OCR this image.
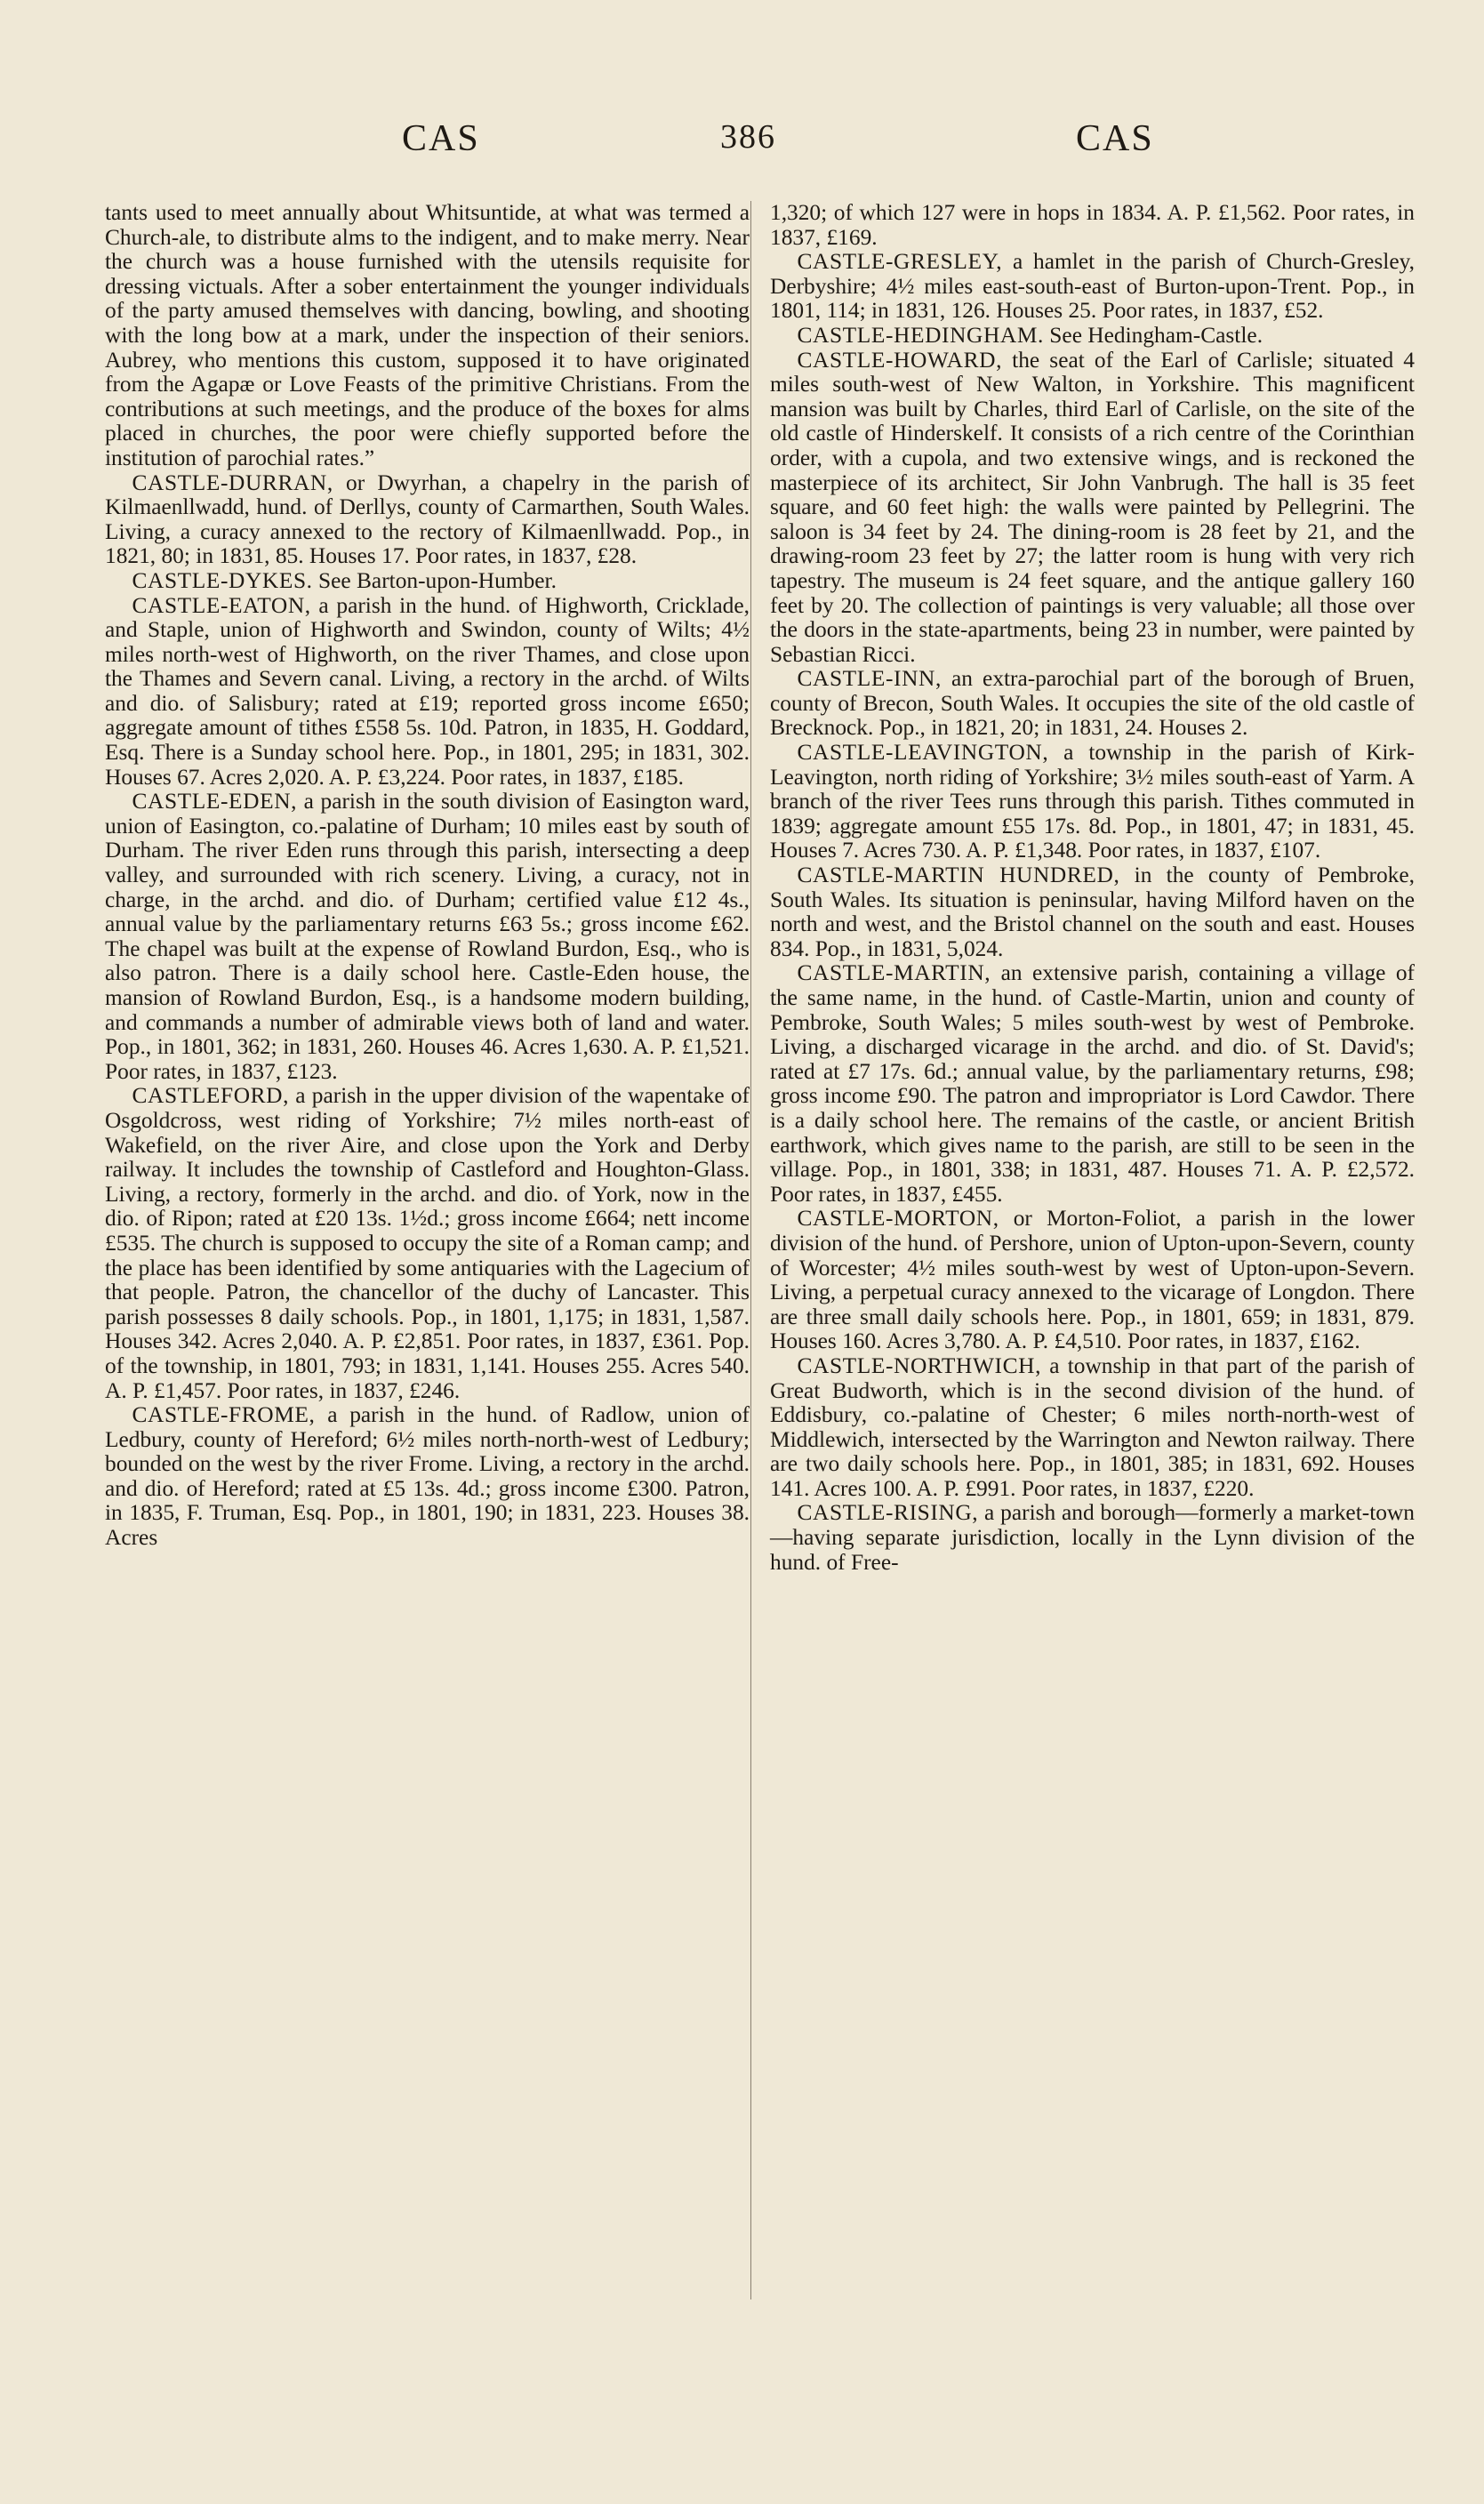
CAS	386	CAS

tants used to meet annually about Whitsuntide, at what was termed a Church-ale, to distribute alms to the indigent, and to make merry. Near the church was a house furnished with the utensils requisite for dressing victuals. After a sober entertainment the younger individuals of the party amused themselves with dancing, bowling, and shooting with the long bow at a mark, under the inspection of their seniors. Aubrey, who mentions this custom, supposed it to have originated from the Agapæ or Love Feasts of the primitive Christians. From the contributions at such meetings, and the produce of the boxes for alms placed in churches, the poor were chiefly supported before the institution of parochial rates.”

CASTLE-DURRAN, or Dwyrhan, a chapelry in the parish of Kilmaenllwadd, hund. of Derllys, county of Carmarthen, South Wales. Living, a curacy annexed to the rectory of Kilmaenllwadd. Pop., in 1821, 80; in 1831, 85. Houses 17. Poor rates, in 1837, £28.

CASTLE-DYKES. See Barton-upon-Humber.

CASTLE-EATON, a parish in the hund. of Highworth, Cricklade, and Staple, union of Highworth and Swindon, county of Wilts; 4½ miles north-west of Highworth, on the river Thames, and close upon the Thames and Severn canal. Living, a rectory in the archd. of Wilts and dio. of Salisbury; rated at £19; reported gross income £650; aggregate amount of tithes £558 5s. 10d. Patron, in 1835, H. Goddard, Esq. There is a Sunday school here. Pop., in 1801, 295; in 1831, 302. Houses 67. Acres 2,020. A. P. £3,224. Poor rates, in 1837, £185.

CASTLE-EDEN, a parish in the south division of Easington ward, union of Easington, co.-palatine of Durham; 10 miles east by south of Durham. The river Eden runs through this parish, intersecting a deep valley, and surrounded with rich scenery. Living, a curacy, not in charge, in the archd. and dio. of Durham; certified value £12 4s., annual value by the parliamentary returns £63 5s.; gross income £62. The chapel was built at the expense of Rowland Burdon, Esq., who is also patron. There is a daily school here. Castle-Eden house, the mansion of Rowland Burdon, Esq., is a handsome modern building, and commands a number of admirable views both of land and water. Pop., in 1801, 362; in 1831, 260. Houses 46. Acres 1,630. A. P. £1,521. Poor rates, in 1837, £123.

CASTLEFORD, a parish in the upper division of the wapentake of Osgoldcross, west riding of Yorkshire; 7½ miles north-east of Wakefield, on the river Aire, and close upon the York and Derby railway. It includes the township of Castleford and Houghton-Glass. Living, a rectory, formerly in the archd. and dio. of York, now in the dio. of Ripon; rated at £20 13s. 1½d.; gross income £664; nett income £535. The church is supposed to occupy the site of a Roman camp; and the place has been identified by some antiquaries with the Lagecium of that people. Patron, the chancellor of the duchy of Lancaster. This parish possesses 8 daily schools. Pop., in 1801, 1,175; in 1831, 1,587. Houses 342. Acres 2,040. A. P. £2,851. Poor rates, in 1837, £361. Pop. of the township, in 1801, 793; in 1831, 1,141. Houses 255. Acres 540. A. P. £1,457. Poor rates, in 1837, £246.

CASTLE-FROME, a parish in the hund. of Radlow, union of Ledbury, county of Hereford; 6½ miles north-north-west of Ledbury; bounded on the west by the river Frome. Living, a rectory in the archd. and dio. of Hereford; rated at £5 13s. 4d.; gross income £300. Patron, in 1835, F. Truman, Esq. Pop., in 1801, 190; in 1831, 223. Houses 38. Acres

1,320; of which 127 were in hops in 1834. A. P. £1,562. Poor rates, in 1837, £169.

CASTLE-GRESLEY, a hamlet in the parish of Church-Gresley, Derbyshire; 4½ miles east-south-east of Burton-upon-Trent. Pop., in 1801, 114; in 1831, 126. Houses 25. Poor rates, in 1837, £52.

CASTLE-HEDINGHAM. See Hedingham-Castle.

CASTLE-HOWARD, the seat of the Earl of Carlisle; situated 4 miles south-west of New Walton, in Yorkshire. This magnificent mansion was built by Charles, third Earl of Carlisle, on the site of the old castle of Hinderskelf. It consists of a rich centre of the Corinthian order, with a cupola, and two extensive wings, and is reckoned the masterpiece of its architect, Sir John Vanbrugh. The hall is 35 feet square, and 60 feet high: the walls were painted by Pellegrini. The saloon is 34 feet by 24. The dining-room is 28 feet by 21, and the drawing-room 23 feet by 27; the latter room is hung with very rich tapestry. The museum is 24 feet square, and the antique gallery 160 feet by 20. The collection of paintings is very valuable; all those over the doors in the state-apartments, being 23 in number, were painted by Sebastian Ricci.

CASTLE-INN, an extra-parochial part of the borough of Bruen, county of Brecon, South Wales. It occupies the site of the old castle of Brecknock. Pop., in 1821, 20; in 1831, 24. Houses 2.

CASTLE-LEAVINGTON, a township in the parish of Kirk-Leavington, north riding of Yorkshire; 3½ miles south-east of Yarm. A branch of the river Tees runs through this parish. Tithes commuted in 1839; aggregate amount £55 17s. 8d. Pop., in 1801, 47; in 1831, 45. Houses 7. Acres 730. A. P. £1,348. Poor rates, in 1837, £107.

CASTLE-MARTIN HUNDRED, in the county of Pembroke, South Wales. Its situation is peninsular, having Milford haven on the north and west, and the Bristol channel on the south and east. Houses 834. Pop., in 1831, 5,024.

CASTLE-MARTIN, an extensive parish, containing a village of the same name, in the hund. of Castle-Martin, union and county of Pembroke, South Wales; 5 miles south-west by west of Pembroke. Living, a discharged vicarage in the archd. and dio. of St. David's; rated at £7 17s. 6d.; annual value, by the parliamentary returns, £98; gross income £90. The patron and impropriator is Lord Cawdor. There is a daily school here. The remains of the castle, or ancient British earthwork, which gives name to the parish, are still to be seen in the village. Pop., in 1801, 338; in 1831, 487. Houses 71. A. P. £2,572. Poor rates, in 1837, £455.

CASTLE-MORTON, or Morton-Foliot, a parish in the lower division of the hund. of Pershore, union of Upton-upon-Severn, county of Worcester; 4½ miles south-west by west of Upton-upon-Severn. Living, a perpetual curacy annexed to the vicarage of Longdon. There are three small daily schools here. Pop., in 1801, 659; in 1831, 879. Houses 160. Acres 3,780. A. P. £4,510. Poor rates, in 1837, £162.

CASTLE-NORTHWICH, a township in that part of the parish of Great Budworth, which is in the second division of the hund. of Eddisbury, co.-palatine of Chester; 6 miles north-north-west of Middlewich, intersected by the Warrington and Newton railway. There are two daily schools here. Pop., in 1801, 385; in 1831, 692. Houses 141. Acres 100. A. P. £991. Poor rates, in 1837, £220.

CASTLE-RISING, a parish and borough—formerly a market-town—having separate jurisdiction, locally in the Lynn division of the hund. of Free-
